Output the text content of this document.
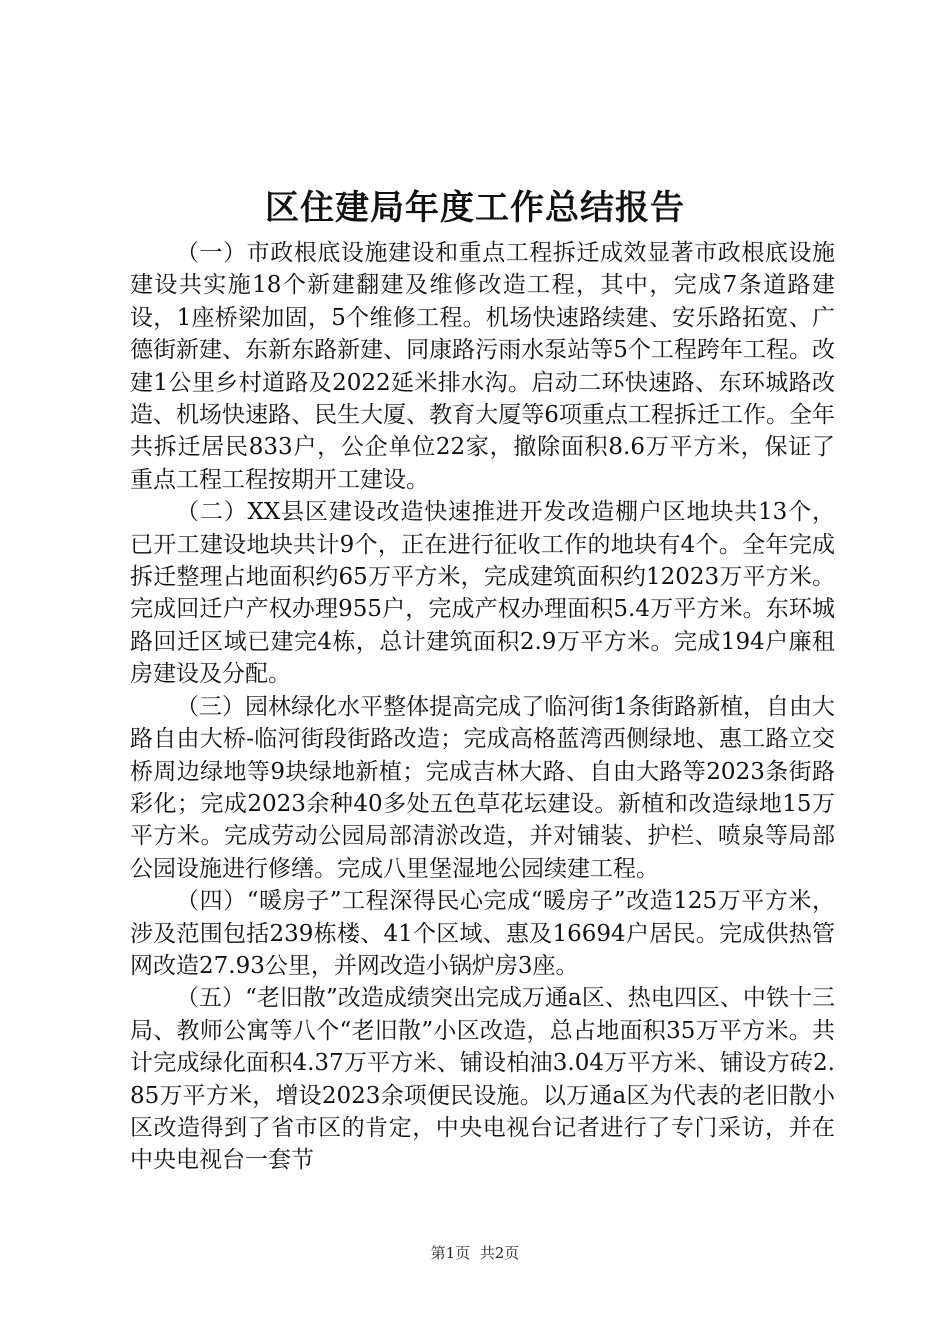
区住建局年度工作总结报告

（一）市政根底设施建设和重点工程拆迁成效显著市政根底设施建设共实施18个新建翻建及维修改造工程，其中，完成7条道路建设，1座桥梁加固，5个维修工程。机场快速路续建、安乐路拓宽、广德街新建、东新东路新建、同康路污雨水泵站等5个工程跨年工程。改建1公里乡村道路及2022延米排水沟。启动二环快速路、东环城路改造、机场快速路、民生大厦、教育大厦等6项重点工程拆迁工作。全年共拆迁居民833户，公企单位22家，撤除面积8.6万平方米，保证了重点工程工程按期开工建设。

（二）XX县区建设改造快速推进开发改造棚户区地块共13个，已开工建设地块共计9个，正在进行征收工作的地块有4个。全年完成拆迁整理占地面积约65万平方米，完成建筑面积约12023万平方米。完成回迁户产权办理955户，完成产权办理面积5.4万平方米。东环城路回迁区域已建完4栋，总计建筑面积2.9万平方米。完成194户廉租房建设及分配。

（三）园林绿化水平整体提高完成了临河街1条街路新植，自由大路自由大桥-临河街段街路改造；完成高格蓝湾西侧绿地、惠工路立交桥周边绿地等9块绿地新植；完成吉林大路、自由大路等2023条街路彩化；完成2023余种40多处五色草花坛建设。新植和改造绿地15万平方米。完成劳动公园局部清淤改造，并对铺装、护栏、喷泉等局部公园设施进行修缮。完成八里堡湿地公园续建工程。

（四）“暖房子”工程深得民心完成“暖房子”改造125万平方米，涉及范围包括239栋楼、41个区域、惠及16694户居民。完成供热管网改造27.93公里，并网改造小锅炉房3座。

（五）“老旧散”改造成绩突出完成万通a区、热电四区、中铁十三局、教师公寓等八个“老旧散”小区改造，总占地面积35万平方米。共计完成绿化面积4.37万平方米、铺设柏油3.04万平方米、铺设方砖2.85万平方米，增设2023余项便民设施。以万通a区为代表的老旧散小区改造得到了省市区的肯定，中央电视台记者进行了专门采访，并在中央电视台一套节

第1页 共2页
